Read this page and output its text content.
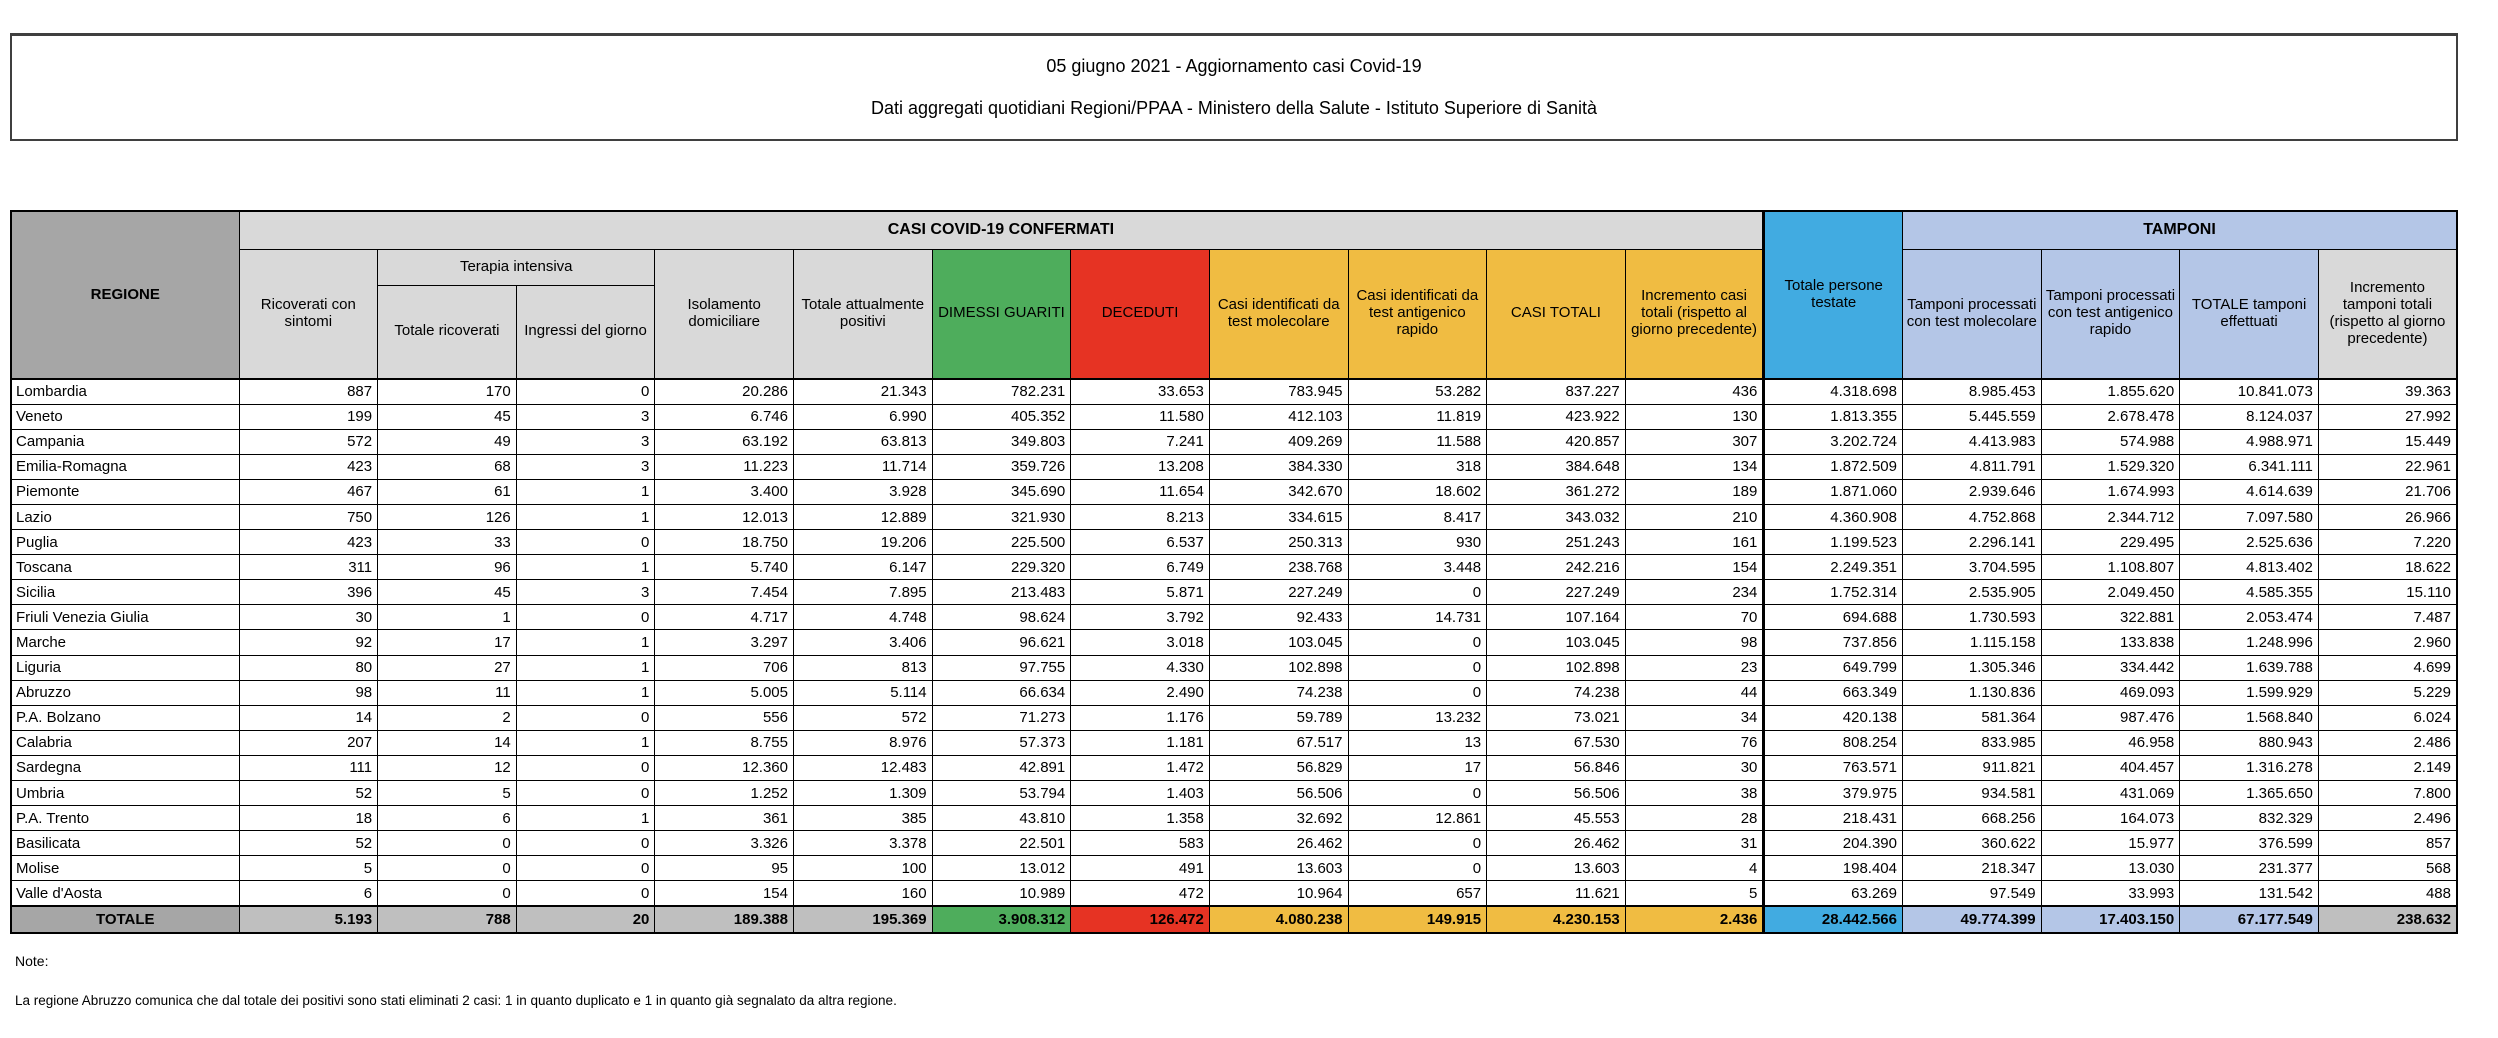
05 giugno 2021 - Aggiornamento casi Covid-19
Dati aggregati quotidiani Regioni/PPAA - Ministero della Salute - Istituto Superiore di Sanità
REGIONE	CASI COVID-19 CONFERMATI											Totale persone testate	TAMPONI			
	Ricoverati con sintomi	Terapia intensiva		Isolamento domiciliare	Totale attualmente positivi	DIMESSI GUARITI	DECEDUTI	Casi identificati da test molecolare	Casi identificati da test antigenico rapido	CASI TOTALI	Incremento casi totali (rispetto al giorno precedente)		Tamponi processati con test molecolare	Tamponi processati con test antigenico rapido	TOTALE tamponi effettuati	Incremento tamponi totali (rispetto al giorno precedente)
		Totale ricoverati	Ingressi del giorno													
Lombardia	887	170	0	20.286	21.343	782.231	33.653	783.945	53.282	837.227	436	4.318.698	8.985.453	1.855.620	10.841.073	39.363
Veneto	199	45	3	6.746	6.990	405.352	11.580	412.103	11.819	423.922	130	1.813.355	5.445.559	2.678.478	8.124.037	27.992
Campania	572	49	3	63.192	63.813	349.803	7.241	409.269	11.588	420.857	307	3.202.724	4.413.983	574.988	4.988.971	15.449
Emilia-Romagna	423	68	3	11.223	11.714	359.726	13.208	384.330	318	384.648	134	1.872.509	4.811.791	1.529.320	6.341.111	22.961
Piemonte	467	61	1	3.400	3.928	345.690	11.654	342.670	18.602	361.272	189	1.871.060	2.939.646	1.674.993	4.614.639	21.706
Lazio	750	126	1	12.013	12.889	321.930	8.213	334.615	8.417	343.032	210	4.360.908	4.752.868	2.344.712	7.097.580	26.966
Puglia	423	33	0	18.750	19.206	225.500	6.537	250.313	930	251.243	161	1.199.523	2.296.141	229.495	2.525.636	7.220
Toscana	311	96	1	5.740	6.147	229.320	6.749	238.768	3.448	242.216	154	2.249.351	3.704.595	1.108.807	4.813.402	18.622
Sicilia	396	45	3	7.454	7.895	213.483	5.871	227.249	0	227.249	234	1.752.314	2.535.905	2.049.450	4.585.355	15.110
Friuli Venezia Giulia	30	1	0	4.717	4.748	98.624	3.792	92.433	14.731	107.164	70	694.688	1.730.593	322.881	2.053.474	7.487
Marche	92	17	1	3.297	3.406	96.621	3.018	103.045	0	103.045	98	737.856	1.115.158	133.838	1.248.996	2.960
Liguria	80	27	1	706	813	97.755	4.330	102.898	0	102.898	23	649.799	1.305.346	334.442	1.639.788	4.699
Abruzzo	98	11	1	5.005	5.114	66.634	2.490	74.238	0	74.238	44	663.349	1.130.836	469.093	1.599.929	5.229
P.A. Bolzano	14	2	0	556	572	71.273	1.176	59.789	13.232	73.021	34	420.138	581.364	987.476	1.568.840	6.024
Calabria	207	14	1	8.755	8.976	57.373	1.181	67.517	13	67.530	76	808.254	833.985	46.958	880.943	2.486
Sardegna	111	12	0	12.360	12.483	42.891	1.472	56.829	17	56.846	30	763.571	911.821	404.457	1.316.278	2.149
Umbria	52	5	0	1.252	1.309	53.794	1.403	56.506	0	56.506	38	379.975	934.581	431.069	1.365.650	7.800
P.A. Trento	18	6	1	361	385	43.810	1.358	32.692	12.861	45.553	28	218.431	668.256	164.073	832.329	2.496
Basilicata	52	0	0	3.326	3.378	22.501	583	26.462	0	26.462	31	204.390	360.622	15.977	376.599	857
Molise	5	0	0	95	100	13.012	491	13.603	0	13.603	4	198.404	218.347	13.030	231.377	568
Valle d'Aosta	6	0	0	154	160	10.989	472	10.964	657	11.621	5	63.269	97.549	33.993	131.542	488
TOTALE	5.193	788	20	189.388	195.369	3.908.312	126.472	4.080.238	149.915	4.230.153	2.436	28.442.566	49.774.399	17.403.150	67.177.549	238.632
Note:
La regione Abruzzo comunica che dal totale dei positivi sono stati eliminati 2 casi: 1 in quanto duplicato e 1 in quanto già segnalato da altra regione.
